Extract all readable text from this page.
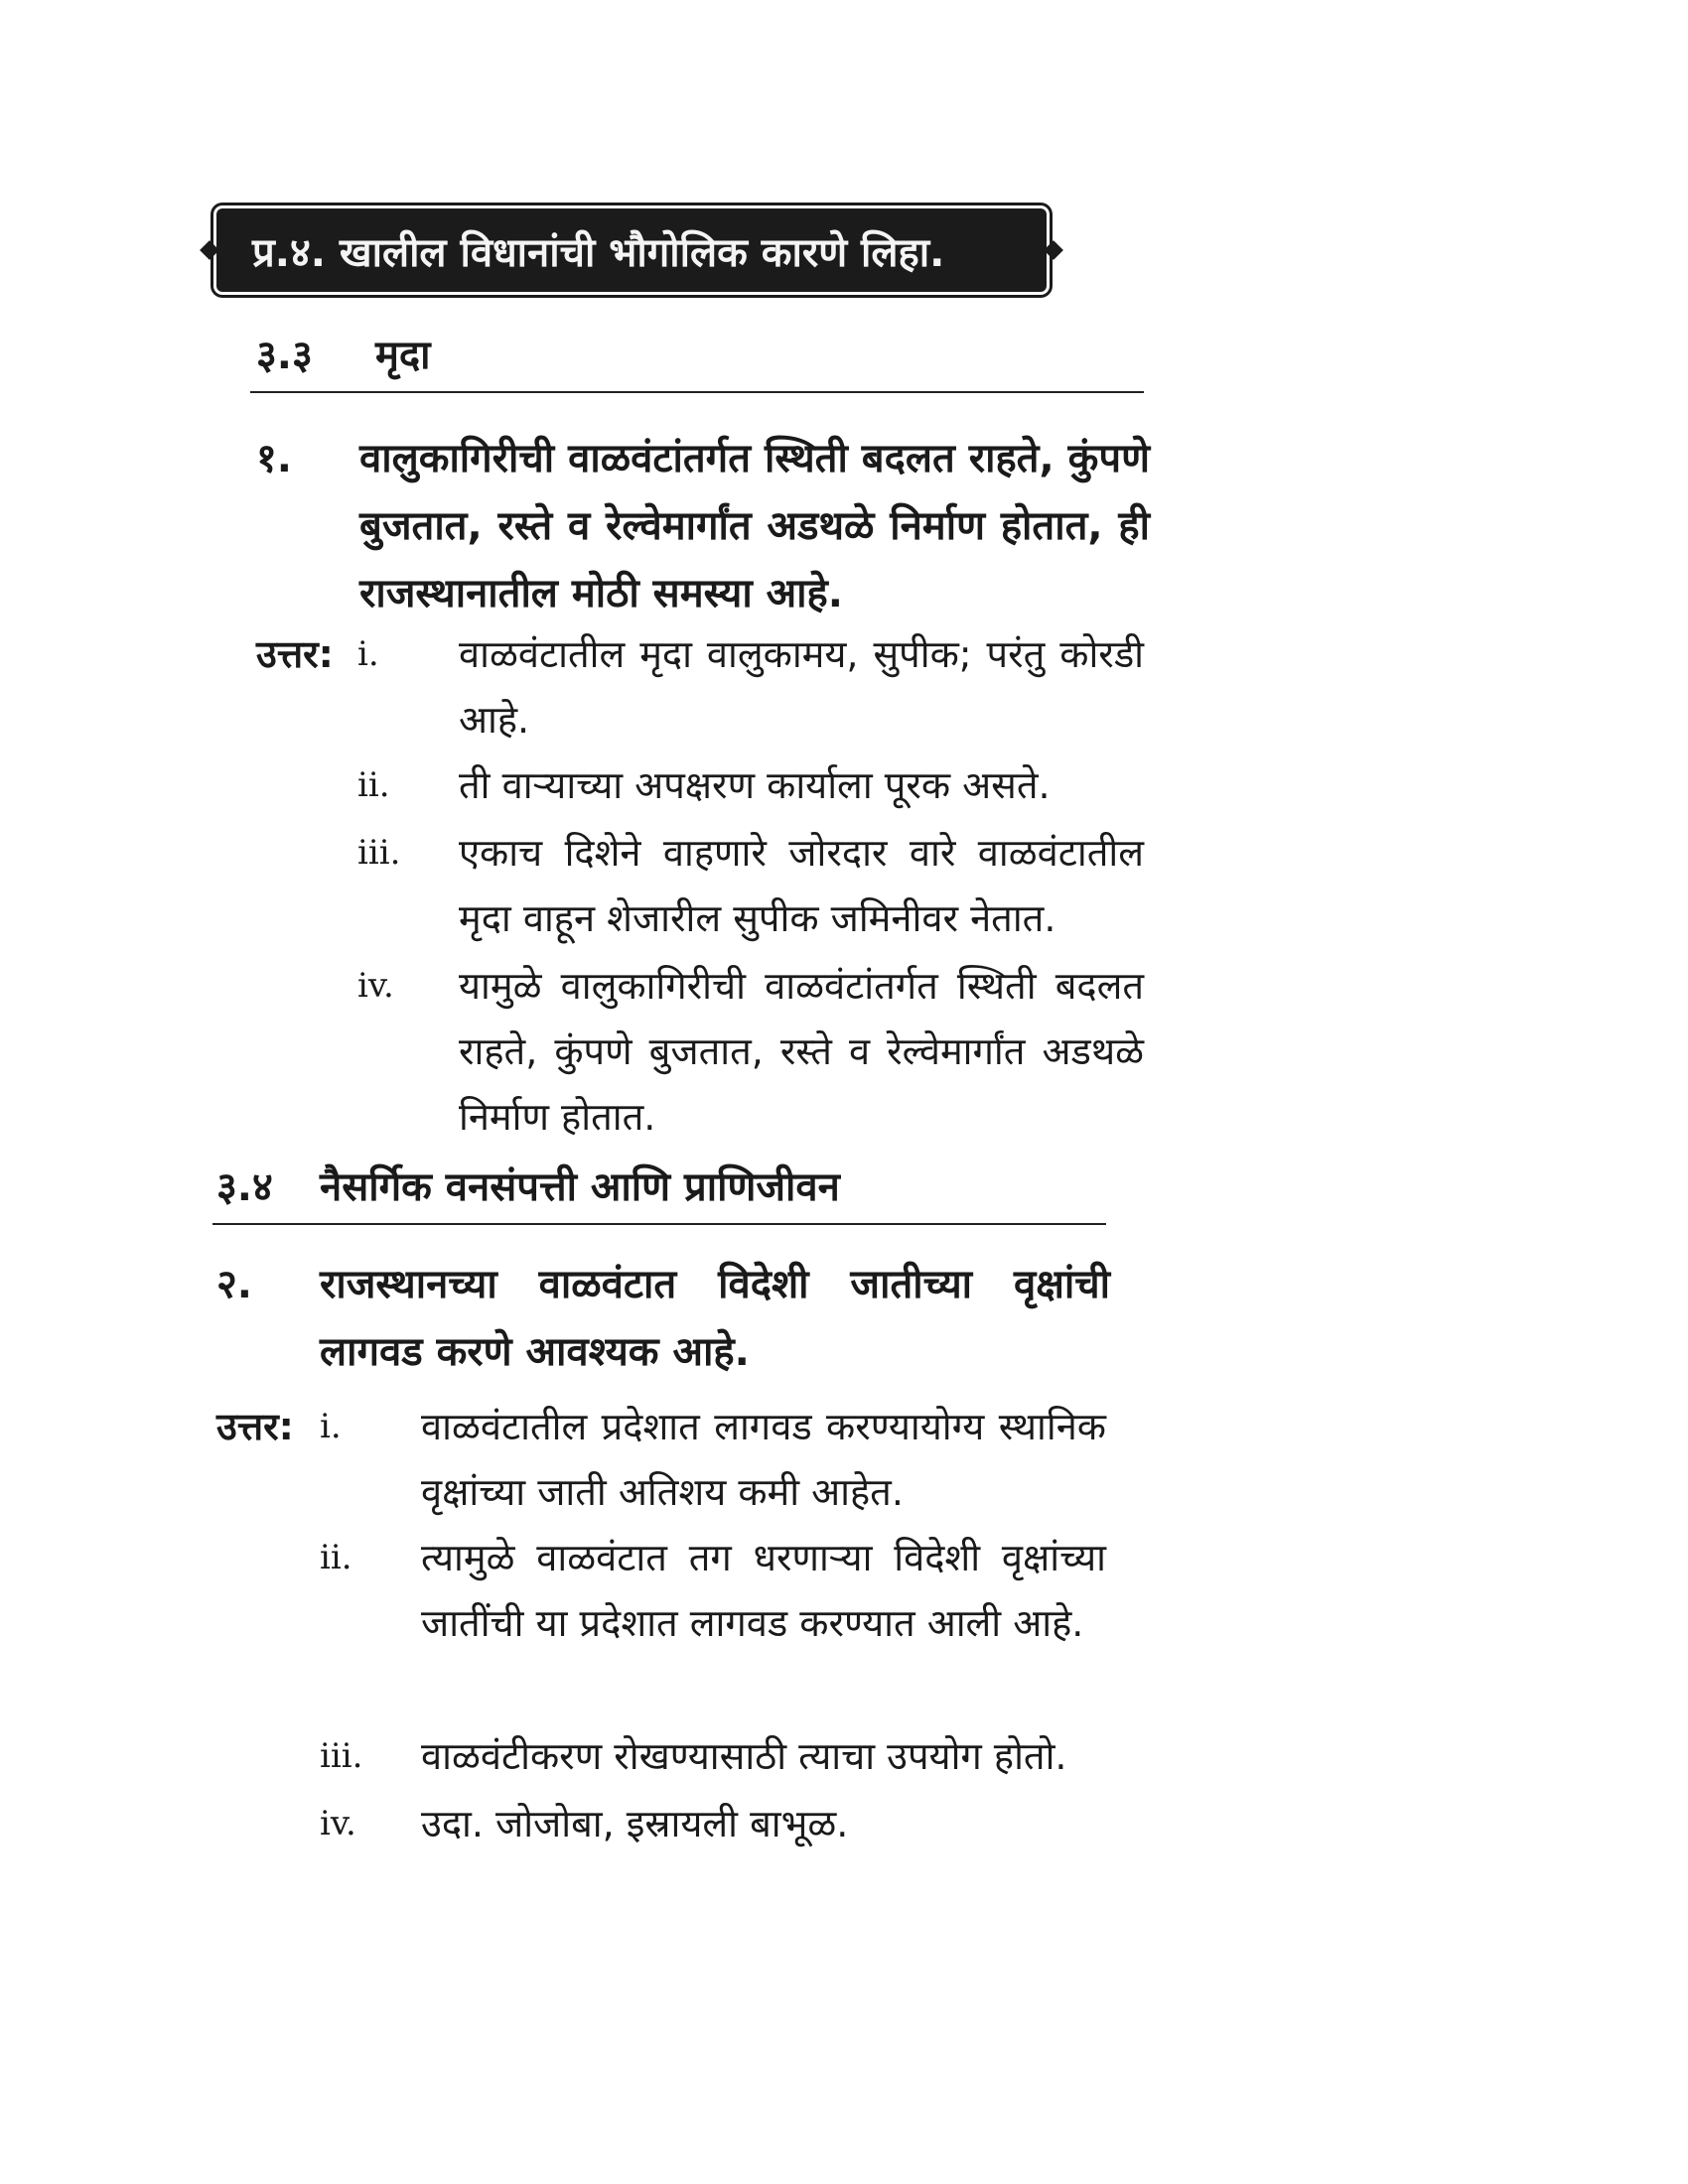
प्र.४. खालील विधानांची भौगोलिक कारणे लिहा.
३.३ मृदा
१.	वालुकागिरीची वाळवंटांतर्गत स्थिती बदलत राहते, कुंपणे बुजतात, रस्ते व रेल्वेमार्गांत अडथळे निर्माण होतात, ही राजस्थानातील मोठी समस्या आहे.
उत्तर: i.	वाळवंटातील मृदा वालुकामय, सुपीक; परंतु कोरडी आहे.
ii.	ती वाऱ्याच्या अपक्षरण कार्याला पूरक असते.
iii.	एकाच दिशेने वाहणारे जोरदार वारे वाळवंटातील मृदा वाहून शेजारील सुपीक जमिनीवर नेतात.
iv.	यामुळे वालुकागिरीची वाळवंटांतर्गत स्थिती बदलत राहते, कुंपणे बुजतात, रस्ते व रेल्वेमार्गांत अडथळे निर्माण होतात.
३.४ नैसर्गिक वनसंपत्ती आणि प्राणिजीवन
२.	राजस्थानच्या वाळवंटात विदेशी जातीच्या वृक्षांची लागवड करणे आवश्यक आहे.
उत्तर: i.	वाळवंटातील प्रदेशात लागवड करण्यायोग्य स्थानिक वृक्षांच्या जाती अतिशय कमी आहेत.
ii.	त्यामुळे वाळवंटात तग धरणाऱ्या विदेशी वृक्षांच्या जातींची या प्रदेशात लागवड करण्यात आली आहे.
iii.	वाळवंटीकरण रोखण्यासाठी त्याचा उपयोग होतो.
iv.	उदा. जोजोबा, इस्रायली बाभूळ.
